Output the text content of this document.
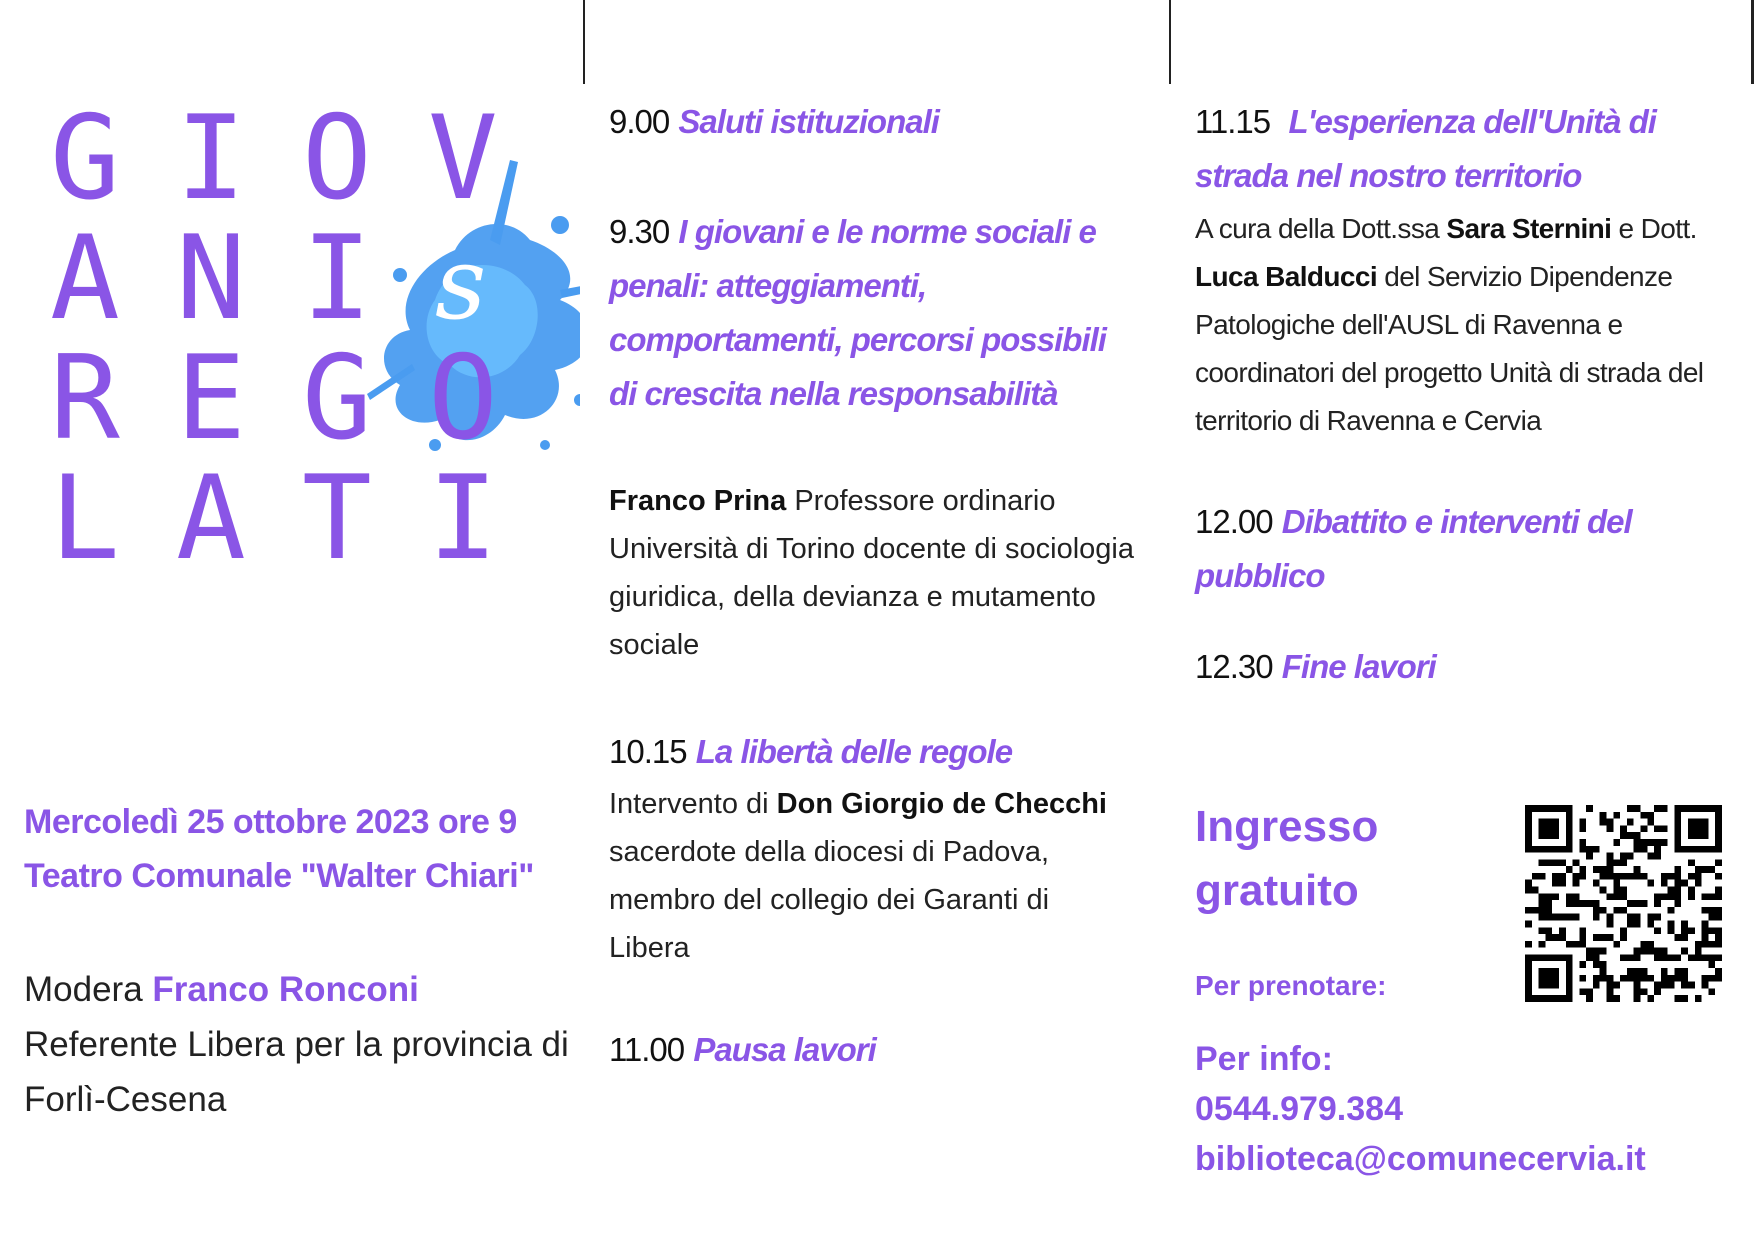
G I O V
A N I s
R E G O
L A T I
Mercoledì 25 ottobre 2023 ore 9
Teatro Comunale "Walter Chiari"
Modera Franco Ronconi
Referente Libera per la provincia di Forlì-Cesena
9.00 Saluti istituzionali
9.30 I giovani e le norme sociali e penali: atteggiamenti, comportamenti, percorsi possibili di crescita nella responsabilità
Franco Prina Professore ordinario Università di Torino docente di sociologia giuridica, della devianza e mutamento sociale
10.15 La libertà delle regole
Intervento di Don Giorgio de Checchi sacerdote della diocesi di Padova, membro del collegio dei Garanti di Libera
11.00 Pausa lavori
11.15 L'esperienza dell'Unità di strada nel nostro territorio
A cura della Dott.ssa Sara Sternini e Dott. Luca Balducci del Servizio Dipendenze Patologiche dell'AUSL di Ravenna e coordinatori del progetto Unità di strada del territorio di Ravenna e Cervia
12.00 Dibattito e interventi del pubblico
12.30 Fine lavori
Ingresso gratuito
Per prenotare:
Per info:
0544.979.384
biblioteca@comunecervia.it
